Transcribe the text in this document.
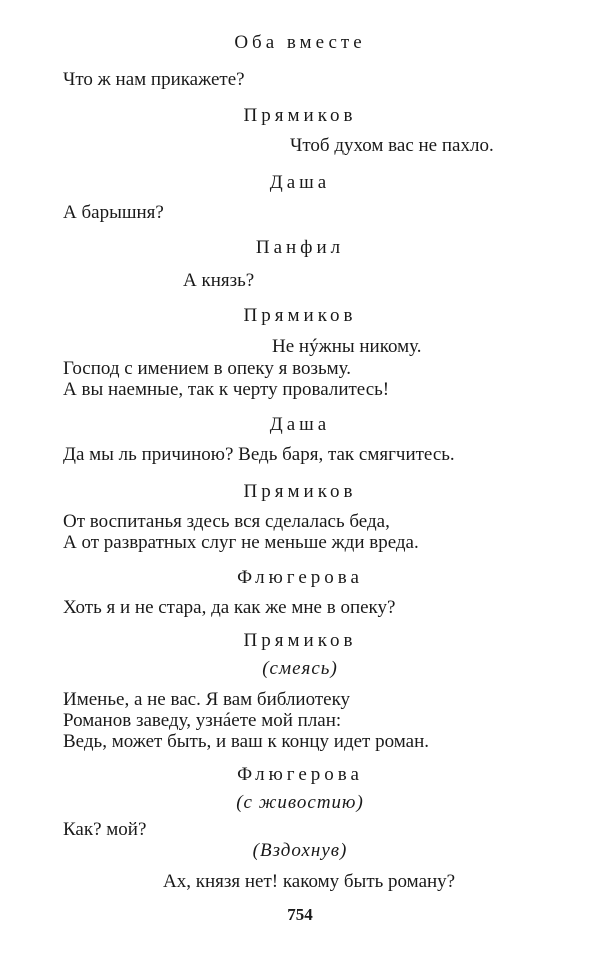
Оба вместе
Что ж нам прикажете?
Прямиков
Чтоб духом вас не пахло.
Даша
А барышня?
Панфил
А князь?
Прямиков
Не нýжны никому.
Господ с имением в опеку я возьму.
А вы наемные, так к черту провалитесь!
Даша
Да мы ль причиною? Ведь баря, так смягчитесь.
Прямиков
От воспитанья здесь вся сделалась беда,
А от развратных слуг не меньше жди вреда.
Флюгерова
Хоть я и не стара, да как же мне в опеку?
Прямиков
(смеясь)
Именье, а не вас. Я вам библиотеку
Романов заведу, узнáете мой план:
Ведь, может быть, и ваш к концу идет роман.
Флюгерова
(с живостию)
Как? мой?
(Вздохнув)
Ах, князя нет! какому быть роману?
754
